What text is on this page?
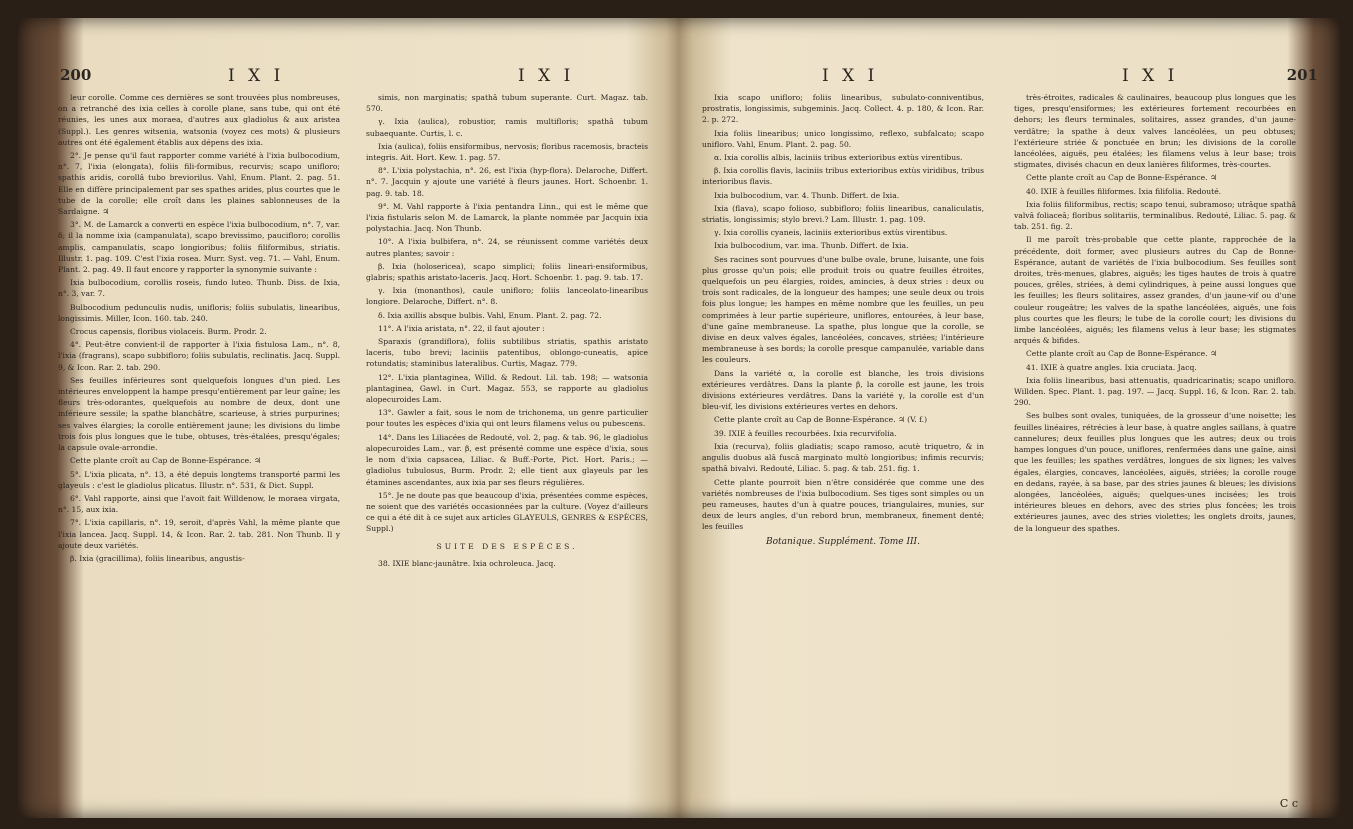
200	I X I	I X I

leur corolle. Comme ces dernières se sont trouvées plus nombreuses, on a retranché des ixia celles à corolle plane, sans tube, qui ont été réunies, les unes aux moraea, d'autres aux gladiolus & aux aristea (Suppl.). Les genres witsenia, watsonia (voyez ces mots) & plusieurs autres ont été également établis aux dépens des ixia.

2°. Je pense qu'il faut rapporter comme variété à l'ixia bulbocodium, n°. 7, l'ixia (elongata), foliis fili-formibus, recurvis; scapo unifloro; spathis aridis, corollâ tubo breviorilus. Vahl, Enum. Plant. 2. pag. 51. Elle en diffère principalement par ses spathes arides, plus courtes que le tube de la corolle; elle croît dans les plaines sablonneuses de la Sardaigne. ♃

3°. M. de Lamarck a converti en espèce l'ixia bulbocodium, n°. 7, var. δ; il la nomme ixia (campanulata), scapo brevissimo, paucifloro; corollis amplis, campanulatis, scapo longioribus; foliis filiformibus, striatis. Illustr. 1. pag. 109. C'est l'ixia rosea. Murr. Syst. veg. 71. — Vahl, Enum. Plant. 2. pag. 49. Il faut encore y rapporter la synonymie suivante :

Ixia bulbocodium, corollis roseis, fundo luteo. Thunb. Diss. de Ixia, n°. 3, var. 7.

Bulbocodium pedunculis nudis, unifloris; foliis subulatis, linearibus, longissimis. Miller, Icon. 160. tab. 240.

Crocus capensis, floribus violaceis. Burm. Prodr. 2.

4°. Peut-être convient-il de rapporter à l'ixia fistulosa Lam., n°. 8, l'ixia (fragrans), scapo subbifloro; foliis subulatis, reclinatis. Jacq. Suppl. 9, & Icon. Rar. 2. tab. 290.

Ses feuilles inférieures sont quelquefois longues d'un pied. Les intérieures enveloppent la hampe presqu'entièrement par leur gaîne; les fleurs très-odorantes, quelquefois au nombre de deux, dont une inférieure sessile; la spathe blanchâtre, scarieuse, à stries purpurines; ses valves élargies; la corolle entièrement jaune; les divisions du limbe trois fois plus longues que le tube, obtuses, très-étalées, presqu'égales; la capsule ovale-arrondie.

Cette plante croît au Cap de Bonne-Espérance. ♃

5°. L'ixia plicata, n°. 13, a été depuis longtems transporté parmi les glayeuls : c'est le gladiolus plicatus. Illustr. n°. 531, & Dict. Suppl.

6°. Vahl rapporte, ainsi que l'avoit fait Willdenow, le moraea virgata, n°. 15, aux ixia.

7°. L'ixia capillaris, n°. 19, seroit, d'après Vahl, la même plante que l'ixia lancea. Jacq. Suppl. 14, & Icon. Rar. 2. tab. 281. Non Thunb. Il y ajoute deux variétés.

β. Ixia (gracillima), foliis linearibus, angustis-

simis, non marginatis; spathâ tubum superante. Curt. Magaz. tab. 570.

γ. Ixia (aulica), robustior, ramis multifloris; spathâ tubum subaequante. Curtis, l. c.

Ixia (aulica), foliis ensiformibus, nervosis; floribus racemosis, bracteis integris. Ait. Hort. Kew. 1. pag. 57.

8°. L'ixia polystachia, n°. 26, est l'ixia (hyp-flora). Delaroche, Differt. n°. 7. Jacquin y ajoute une variété à fleurs jaunes. Hort. Schoenbr. 1. pag. 9. tab. 18.

9°. M. Vahl rapporte à l'ixia pentandra Linn., qui est le même que l'ixia fistularis selon M. de Lamarck, la plante nommée par Jacquin ixia polystachia. Jacq. Non Thunb.

10°. A l'ixia bulbifera, n°. 24, se réunissent comme variétés deux autres plantes; savoir :

β. Ixia (holosericea), scapo simplici; foliis lineari-ensiformibus, glabris; spathis aristato-laceris. Jacq. Hort. Schoenbr. 1. pag. 9. tab. 17.

γ. Ixia (monanthos), caule unifloro; foliis lanceolato-linearibus longiore. Delaroche, Differt. n°. 8.

δ. Ixia axillis absque bulbis. Vahl, Enum. Plant. 2. pag. 72.

11°. A l'ixia aristata, n°. 22, il faut ajouter :

Sparaxis (grandiflora), foliis subtilibus striatis, spathis aristato laceris, tubo brevi; laciniis patentibus, oblongo-cuneatis, apice rotundatis; staminibus lateralibus. Curtis, Magaz. 779.

12°. L'ixia plantaginea, Willd. & Redout. Lil. tab. 198; — watsonia plantaginea, Gawl. in Curt. Magaz. 553, se rapporte au gladiolus alopecuroides Lam.

13°. Gawler a fait, sous le nom de trichonema, un genre particulier pour toutes les espèces d'ixia qui ont leurs filamens velus ou pubescens.

14°. Dans les Liliacées de Redouté, vol. 2, pag. & tab. 96, le gladiolus alopecuroides Lam., var. β, est présenté comme une espèce d'ixia, sous le nom d'ixia capsacea, Liliac. & Buff.-Porte, Pict. Hort. Paris.; — gladiolus tubulosus, Burm. Prodr. 2; elle tient aux glayeuls par les étamines ascendantes, aux ixia par ses fleurs régulières.

15°. Je ne doute pas que beaucoup d'ixia, présentées comme espèces, ne soient que des variétés occasionnées par la culture. (Voyez d'ailleurs ce qui a été dit à ce sujet aux articles GLAYEULS, GENRES & ESPÈCES, Suppl.)

SUITE DES ESPÈCES.

38. IXIE blanc-jaunâtre. Ixia ochroleuca. Jacq.

I X I	I X I	201

Ixia scapo unifloro; foliis linearibus, subulato-conniventibus, prostratis, longissimis, subgeminis. Jacq. Collect. 4. p. 180, & Icon. Rar. 2. p. 272.

Ixia foliis linearibus; unico longissimo, reflexo, subfalcato; scapo unifloro. Vahl, Enum. Plant. 2. pag. 50.

α. Ixia corollis albis, laciniis tribus exterioribus extùs virentibus.

β. Ixia corollis flavis, laciniis tribus exterioribus extùs viridibus, tribus interioribus flavis.

Ixia bulbocodium, var. 4. Thunb. Differt. de Ixia.

Ixia (flava), scapo folioso, subbifloro; foliis linearibus, canaliculatis, striatis, longissimis; stylo brevi.? Lam. Illustr. 1. pag. 109.

γ. Ixia corollis cyaneis, laciniis exterioribus extùs virentibus.

Ixia bulbocodium, var. ima. Thunb. Differt. de Ixia.

Ses racines sont pourvues d'une bulbe ovale, brune, luisante, une fois plus grosse qu'un pois; elle produit trois ou quatre feuilles étroites, quelquefois un peu élargies, roides, amincies, à deux stries : deux ou trois sont radicales, de la longueur des hampes; une seule deux ou trois fois plus longue; les hampes en même nombre que les feuilles, un peu comprimées à leur partie supérieure, uniflores, entourées, à leur base, d'une gaîne membraneuse. La spathe, plus longue que la corolle, se divise en deux valves égales, lancéolées, concaves, striées; l'intérieure membraneuse à ses bords; la corolle presque campanulée, variable dans les couleurs.

Dans la variété α, la corolle est blanche, les trois divisions extérieures verdâtres. Dans la plante β, la corolle est jaune, les trois divisions extérieures verdâtres. Dans la variété γ, la corolle est d'un bleu-vif, les divisions extérieures vertes en dehors.

Cette plante croît au Cap de Bonne-Espérance. ♃ (V. f.)

39. IXIE à feuilles recourbées. Ixia recurvifolia.

Ixia (recurva), foliis gladiatis; scapo ramoso, acutè triquetro, & in angulis duobus alâ fuscâ marginato multò longioribus; infimis recurvis; spathâ bivalvi. Redouté, Liliac. 5. pag. & tab. 251. fig. 1.

Cette plante pourroit bien n'être considérée que comme une des variétés nombreuses de l'ixia bulbocodium. Ses tiges sont simples ou un peu rameuses, hautes d'un à quatre pouces, triangulaires, munies, sur deux de leurs angles, d'un rebord brun, membraneux, finement denté; les feuilles

Botanique. Supplément. Tome III.

très-étroites, radicales & caulinaires, beaucoup plus longues que les tiges, presqu'ensiformes; les extérieures fortement recourbées en dehors; les fleurs terminales, solitaires, assez grandes, d'un jaune-verdâtre; la spathe à deux valves lancéolées, un peu obtuses; l'extérieure striée & ponctuée en brun; les divisions de la corolle lancéolées, aiguës, peu étalées; les filamens velus à leur base; trois stigmates, divisés chacun en deux lanières filiformes, très-courtes.

Cette plante croît au Cap de Bonne-Espérance. ♃

40. IXIE à feuilles filiformes. Ixia filifolia. Redouté.

Ixia foliis filiformibus, rectis; scapo tenui, subramoso; utrâque spathâ valvâ foliaceâ; floribus solitariis, terminalibus. Redouté, Liliac. 5. pag. & tab. 251. fig. 2.

Il me paroît très-probable que cette plante, rapprochée de la précédente, doit former, avec plusieurs autres du Cap de Bonne-Espérance, autant de variétés de l'ixia bulbocodium. Ses feuilles sont droites, très-menues, glabres, aiguës; les tiges hautes de trois à quatre pouces, grêles, striées, à demi cylindriques, à peine aussi longues que les feuilles; les fleurs solitaires, assez grandes, d'un jaune-vif ou d'une couleur rougeâtre; les valves de la spathe lancéolées, aiguës, une fois plus courtes que les fleurs; le tube de la corolle court; les divisions du limbe lancéolées, aiguës; les filamens velus à leur base; les stigmates arqués & bifides.

Cette plante croît au Cap de Bonne-Espérance. ♃

41. IXIE à quatre angles. Ixia cruciata. Jacq.

Ixia foliis linearibus, basi attenuatis, quadricarinatis; scapo unifloro. Willden. Spec. Plant. 1. pag. 197. — Jacq. Suppl. 16, & Icon. Rar. 2. tab. 290.

Ses bulbes sont ovales, tuniquées, de la grosseur d'une noisette; les feuilles linéaires, rétrécies à leur base, à quatre angles saillans, à quatre cannelures; deux feuilles plus longues que les autres; deux ou trois hampes longues d'un pouce, uniflores, renfermées dans une gaîne, ainsi que les feuilles; les spathes verdâtres, longues de six lignes; les valves égales, élargies, concaves, lancéolées, aiguës, striées; la corolle rouge en dedans, rayée, à sa base, par des stries jaunes & bleues; les divisions alongées, lancéolées, aiguës; quelques-unes incisées; les trois intérieures bleues en dehors, avec des stries plus foncées; les trois extérieures jaunes, avec des stries violettes; les onglets droits, jaunes, de la longueur des spathes.

C c
